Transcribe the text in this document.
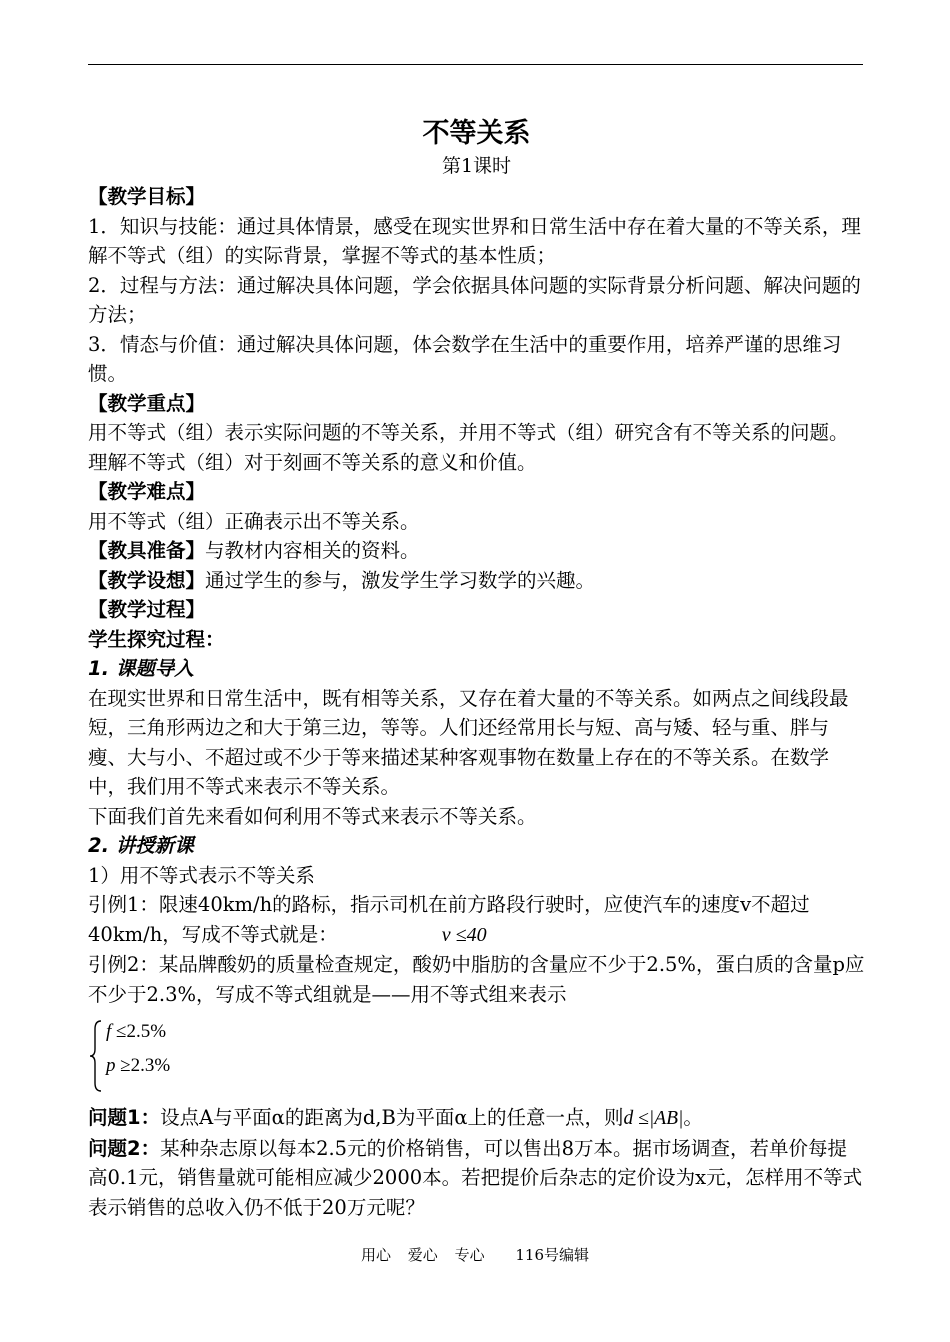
不等关系

第1课时

【教学目标】

1．知识与技能：通过具体情景，感受在现实世界和日常生活中存在着大量的不等关系，理解不等式（组）的实际背景，掌握不等式的基本性质；

2．过程与方法：通过解决具体问题，学会依据具体问题的实际背景分析问题、解决问题的方法；

3．情态与价值：通过解决具体问题，体会数学在生活中的重要作用，培养严谨的思维习惯。

【教学重点】

用不等式（组）表示实际问题的不等关系，并用不等式（组）研究含有不等关系的问题。理解不等式（组）对于刻画不等关系的意义和价值。

【教学难点】

用不等式（组）正确表示出不等关系。

【教具准备】与教材内容相关的资料。

【教学设想】通过学生的参与，激发学生学习数学的兴趣。

【教学过程】

学生探究过程：

1. 课题导入

在现实世界和日常生活中，既有相等关系，又存在着大量的不等关系。如两点之间线段最短，三角形两边之和大于第三边，等等。人们还经常用长与短、高与矮、轻与重、胖与瘦、大与小、不超过或不少于等来描述某种客观事物在数量上存在的不等关系。在数学中，我们用不等式来表示不等关系。

下面我们首先来看如何利用不等式来表示不等关系。

2. 讲授新课

1）用不等式表示不等关系

引例1：限速40km/h的路标，指示司机在前方路段行驶时，应使汽车的速度v不超过40km/h，写成不等式就是：	v ≤40

引例2：某品牌酸奶的质量检查规定，酸奶中脂肪的含量应不少于2.5%，蛋白质的含量p应不少于2.3%，写成不等式组就是——用不等式组来表示

f ≤2.5%
p ≥2.3%

问题1：设点A与平面α的距离为d,B为平面α上的任意一点，则d ≤|AB|。

问题2：某种杂志原以每本2.5元的价格销售，可以售出8万本。据市场调查，若单价每提高0.1元，销售量就可能相应减少2000本。若把提价后杂志的定价设为x元，怎样用不等式表示销售的总收入仍不低于20万元呢？

用心 爱心 专心 116号编辑
